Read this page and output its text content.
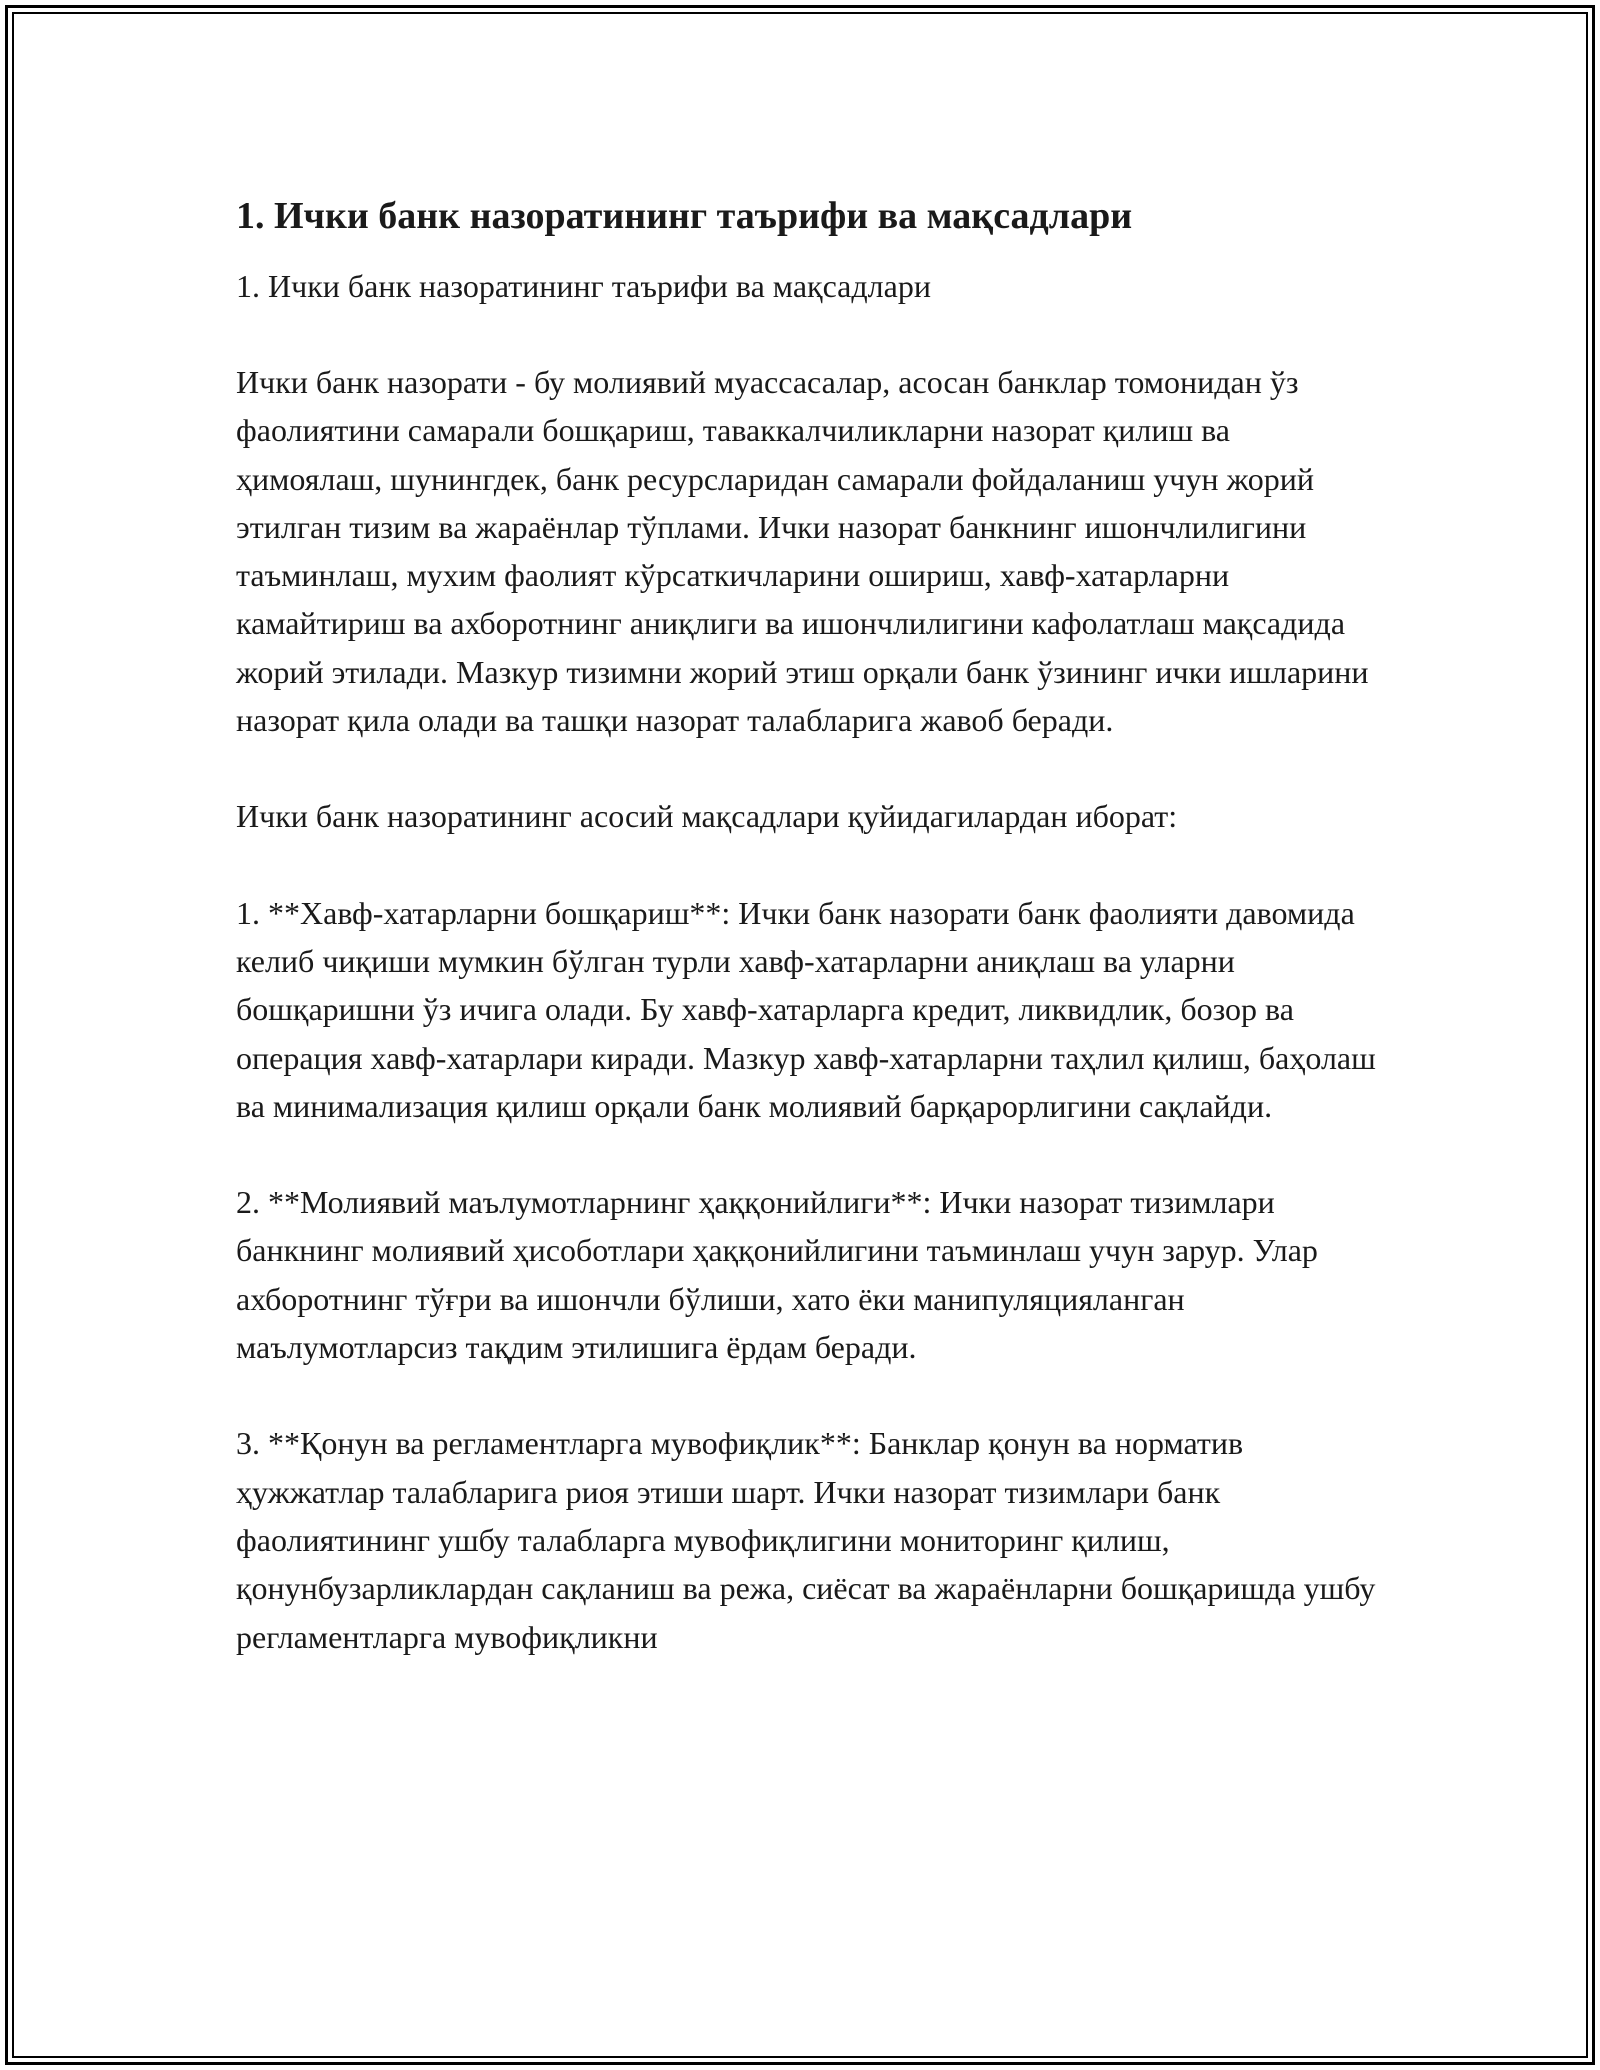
1. Ички банк назоратининг таърифи ва мақсадлари

1. Ички банк назоратининг таърифи ва мақсадлари

Ички банк назорати - бу молиявий муассасалар, асосан банклар томонидан ўз фаолиятини самарали бошқариш, таваккалчиликларни назорат қилиш ва ҳимоялаш, шунингдек, банк ресурсларидан самарали фойдаланиш учун жорий этилган тизим ва жараёнлар тўплами. Ички назорат банкнинг ишончлилигини таъминлаш, мухим фаолият кўрсаткичларини ошириш, хавф-хатарларни камайтириш ва ахборотнинг аниқлиги ва ишончлилигини кафолатлаш мақсадида жорий этилади. Мазкур тизимни жорий этиш орқали банк ўзининг ички ишларини назорат қила олади ва ташқи назорат талабларига жавоб беради.

Ички банк назоратининг асосий мақсадлари қуйидагилардан иборат:

1. **Хавф-хатарларни бошқариш**: Ички банк назорати банк фаолияти давомида келиб чиқиши мумкин бўлган турли хавф-хатарларни аниқлаш ва уларни бошқаришни ўз ичига олади. Бу хавф-хатарларга кредит, ликвидлик, бозор ва операция хавф-хатарлари киради. Мазкур хавф-хатарларни таҳлил қилиш, баҳолаш ва минимализация қилиш орқали банк молиявий барқарорлигини сақлайди.

2. **Молиявий маълумотларнинг ҳаққонийлиги**: Ички назорат тизимлари банкнинг молиявий ҳисоботлари ҳаққонийлигини таъминлаш учун зарур. Улар ахборотнинг тўғри ва ишончли бўлиши, хато ёки манипуляцияланган маълумотларсиз тақдим этилишига ёрдам беради.

3. **Қонун ва регламентларга мувофиқлик**: Банклар қонун ва норматив ҳужжатлар талабларига риоя этиши шарт. Ички назорат тизимлари банк фаолиятининг ушбу талабларга мувофиқлигини мониторинг қилиш, қонунбузарликлардан сақланиш ва режа, сиёсат ва жараёнларни бошқаришда ушбу регламентларга мувофиқликни
